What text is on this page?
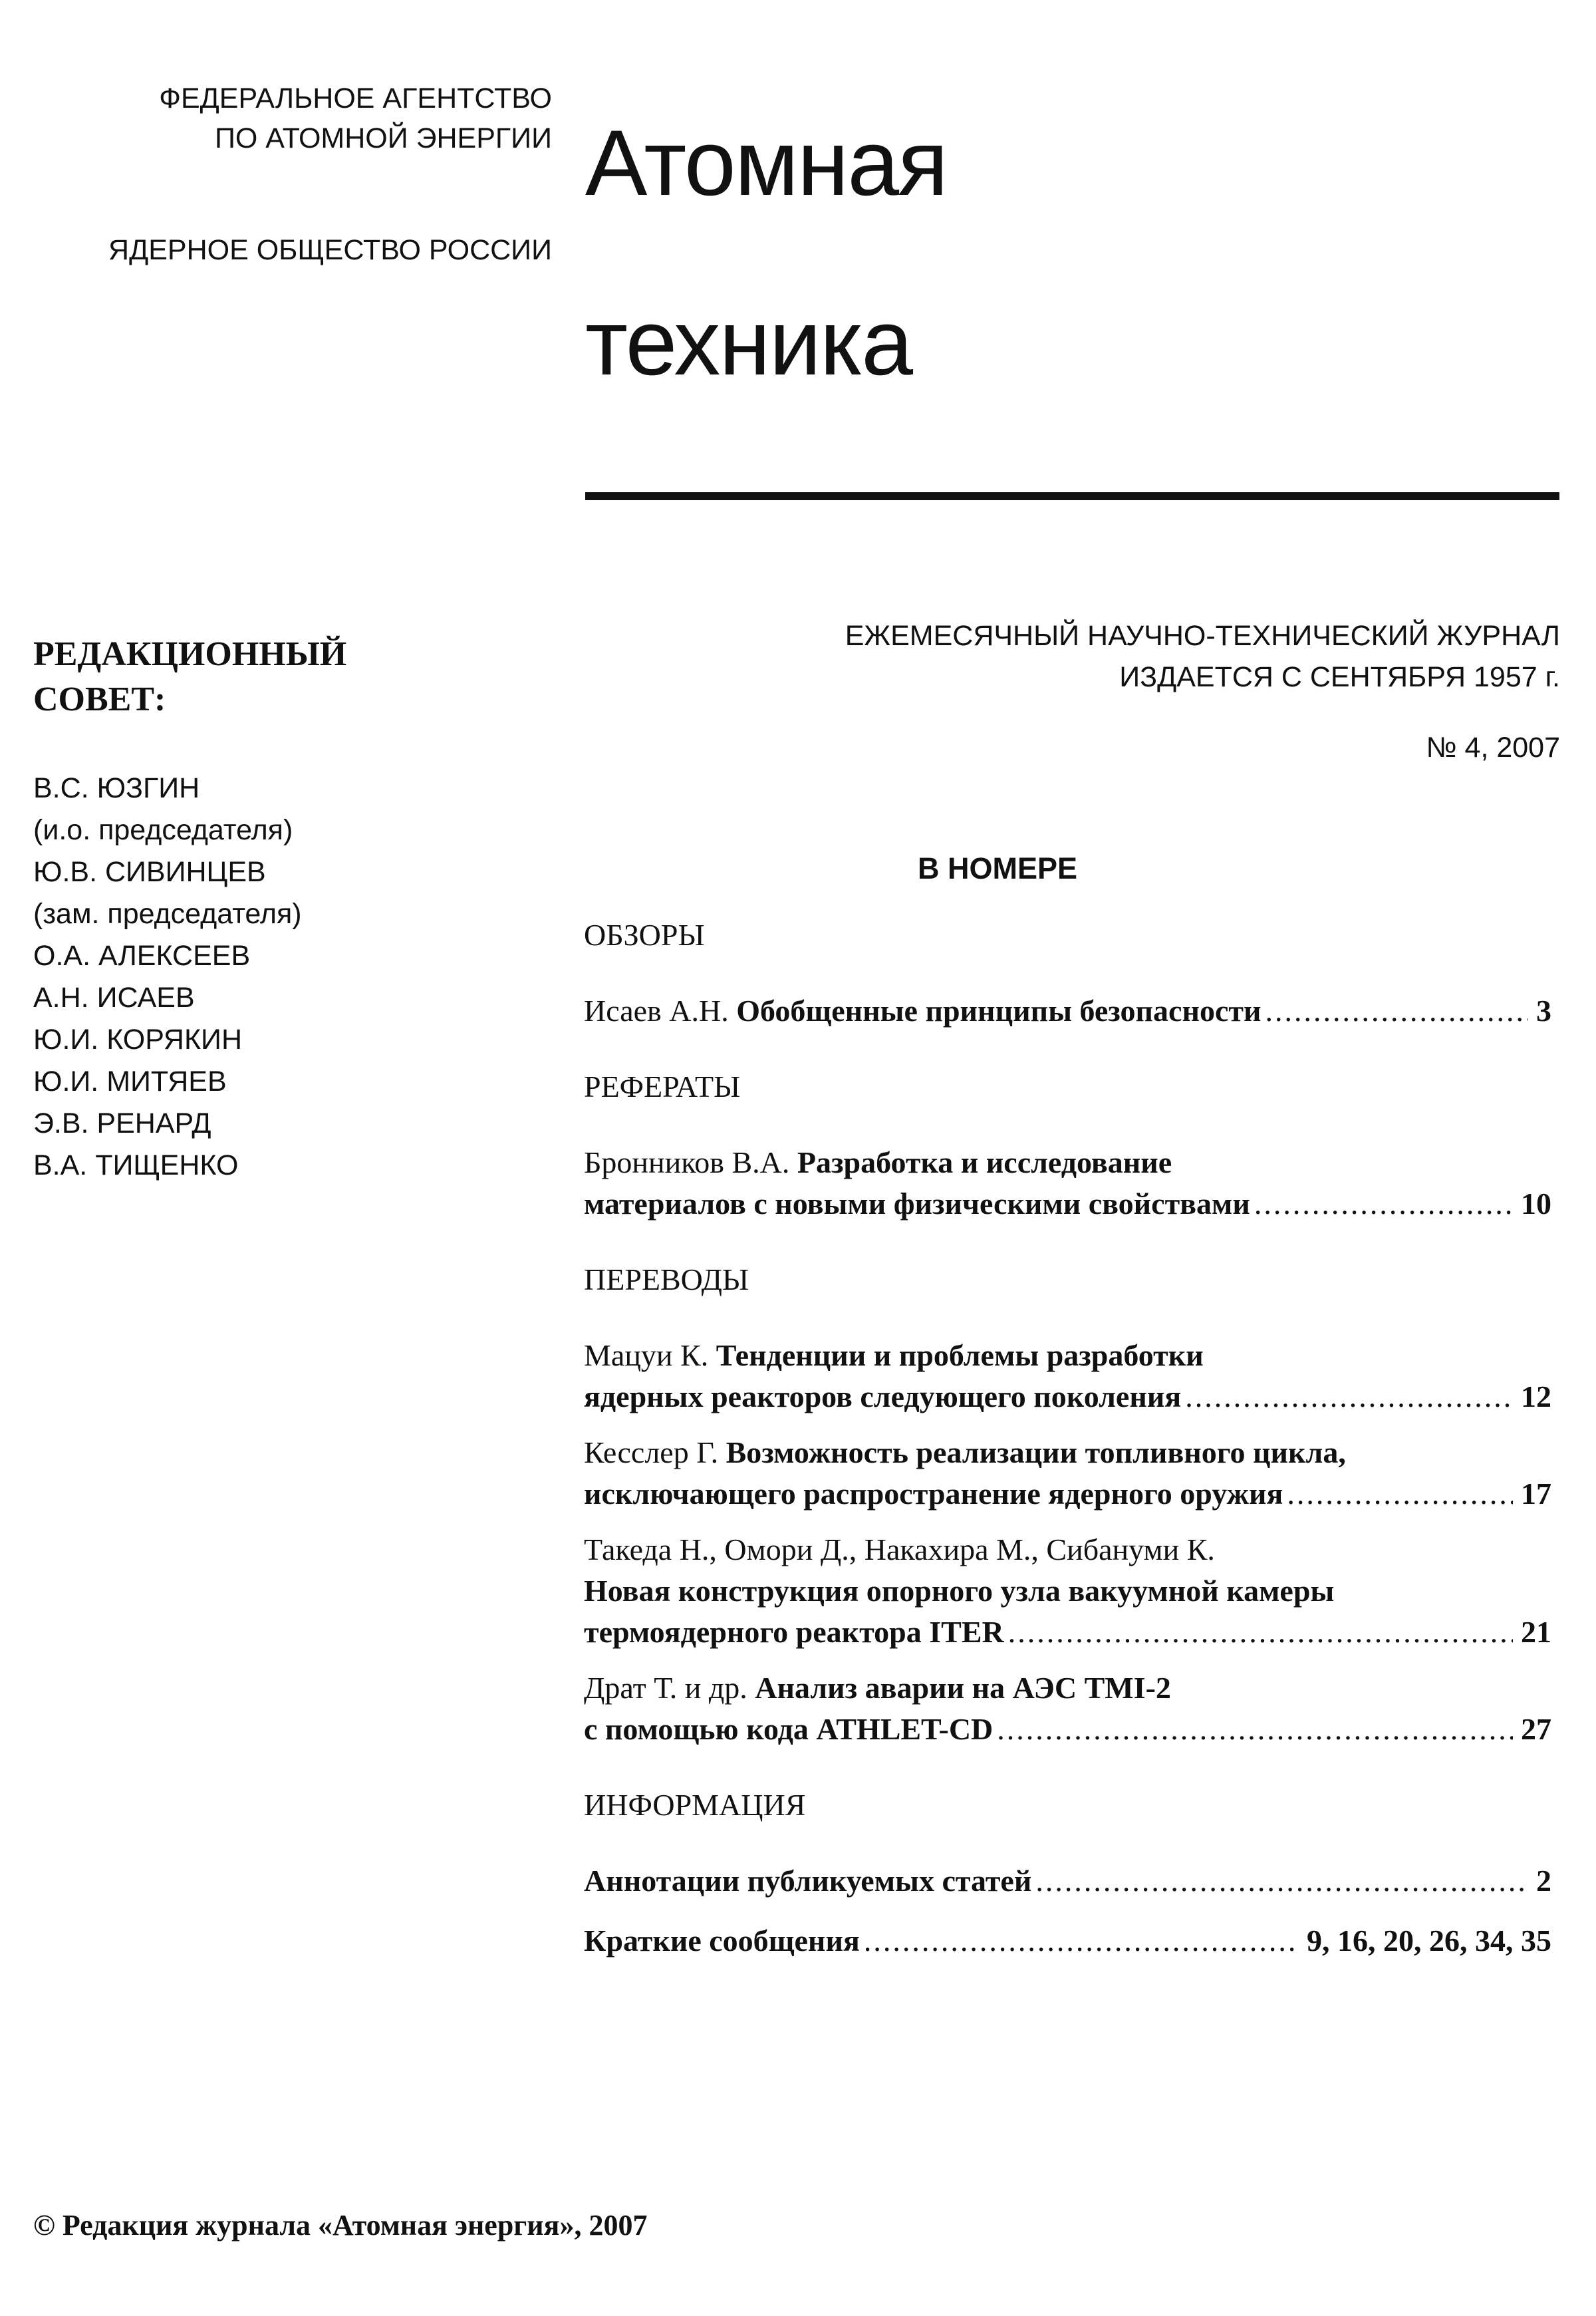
ФЕДЕРАЛЬНОЕ АГЕНТСТВО
ПО АТОМНОЙ ЭНЕРГИИ
ЯДЕРНОЕ ОБЩЕСТВО РОССИИ
Атомная
техника
РЕДАКЦИОННЫЙ СОВЕТ:
В.С. ЮЗГИН
(и.о. председателя)
Ю.В. СИВИНЦЕВ
(зам. председателя)
О.А. АЛЕКСЕЕВ
А.Н. ИСАЕВ
Ю.И. КОРЯКИН
Ю.И. МИТЯЕВ
Э.В. РЕНАРД
В.А. ТИЩЕНКО
ЕЖЕМЕСЯЧНЫЙ НАУЧНО-ТЕХНИЧЕСКИЙ ЖУРНАЛ
ИЗДАЕТСЯ С СЕНТЯБРЯ 1957 г.
№ 4, 2007
В НОМЕРЕ
ОБЗОРЫ
Исаев А.Н. Обобщенные принципы безопасности .....	3
РЕФЕРАТЫ
Бронников В.А. Разработка и исследование
материалов с новыми физическими свойствами .....	10
ПЕРЕВОДЫ
Мацуи К. Тенденции и проблемы разработки
ядерных реакторов следующего поколения .....	12
Кесслер Г. Возможность реализации топливного цикла,
исключающего распространение ядерного оружия .....	17
Такеда Н., Омори Д., Накахира М., Сибануми К.
Новая конструкция опорного узла вакуумной камеры
термоядерного реактора ITER .....	21
Драт Т. и др. Анализ аварии на АЭС TMI-2
с помощью кода ATHLET-CD .....	27
ИНФОРМАЦИЯ
Аннотации публикуемых статей .....	2
Краткие сообщения .....	9, 16, 20, 26, 34, 35
© Редакция журнала «Атомная энергия», 2007
